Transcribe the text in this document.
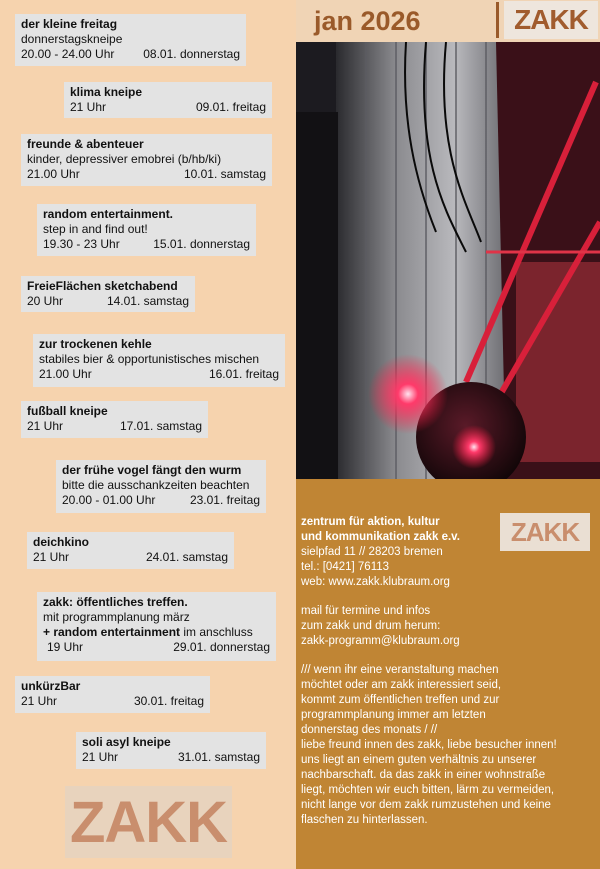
der kleine freitag
donnerstagskneipe
20.00 - 24.00 Uhr 08.01. donnerstag
klima kneipe
21 Uhr	09.01. freitag
freunde & abenteuer
kinder, depressiver emobrei (b/hb/ki)
21.00 Uhr	10.01. samstag
random entertainment.
step in and find out!
19.30 - 23 Uhr	15.01. donnerstag
FreieFlächen sketchabend
20 Uhr	14.01. samstag
zur trockenen kehle
stabiles bier & opportunistisches mischen
21.00 Uhr	16.01. freitag
fußball kneipe
21 Uhr	17.01. samstag
der frühe vogel fängt den wurm
bitte die ausschankzeiten beachten
20.00 - 01.00 Uhr	23.01. freitag
deichkino
21 Uhr	24.01. samstag
zakk: öffentliches treffen.
mit programmplanung märz
+ random entertainment im anschluss
19 Uhr	29.01. donnerstag
unkürzBar
21 Uhr	30.01. freitag
soli asyl kneipe
21 Uhr	31.01. samstag
ZAKK
jan 2026	ZAKK
ZAKK

zentrum für aktion, kultur

und kommunikation zakk e.v.

sielpfad 11 // 28203 bremen

tel.: [0421] 76113

web: www.zakk.klubraum.org

mail für termine und infos

zum zakk und drum herum:

zakk-programm@klubraum.org

/// wenn ihr eine veranstaltung machen

möchtet oder am zakk interessiert seid,

kommt zum öffentlichen treffen und zur

programmplanung immer am letzten

donnerstag des monats / //

liebe freund innen des zakk, liebe besucher innen!

uns liegt an einem guten verhältnis zu unserer

nachbarschaft. da das zakk in einer wohnstraße

liegt, möchten wir euch bitten, lärm zu vermeiden,

nicht lange vor dem zakk rumzustehen und keine

flaschen zu hinterlassen.
